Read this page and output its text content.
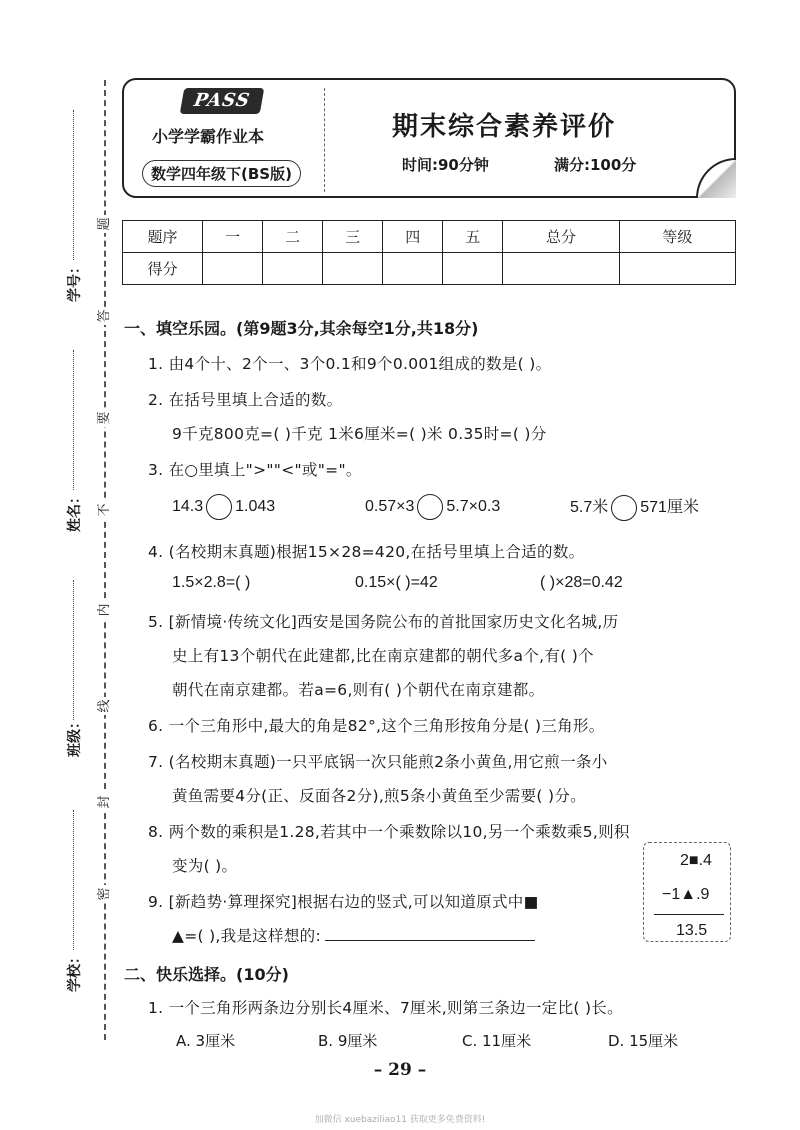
题
答
要
不
内
线
封
密
学号：
姓名：
班级：
学校：
PASS
小学学霸作业本
数学四年级下(BS版)
期末综合素养评价
时间:90分钟	满分:100分
题序	一	二	三	四	五	总分	等级
得分							
一、填空乐园。(第9题3分,其余每空1分,共18分)
1. 由4个十、2个一、3个0.1和9个0.001组成的数是( )。
2. 在括号里填上合适的数。
9千克800克=( )千克 1米6厘米=( )米 0.35时=( )分
3. 在○里填上">""<"或"="。
14.3 1.043	0.57×3 5.7×0.3	5.7米 571厘米
4. (名校期末真题)根据15×28=420,在括号里填上合适的数。
1.5×2.8=( )	0.15×( )=42	( )×28=0.42
5. [新情境·传统文化]西安是国务院公布的首批国家历史文化名城,历
史上有13个朝代在此建都,比在南京建都的朝代多a个,有( )个
朝代在南京建都。若a=6,则有( )个朝代在南京建都。
6. 一个三角形中,最大的角是82°,这个三角形按角分是( )三角形。
7. (名校期末真题)一只平底锅一次只能煎2条小黄鱼,用它煎一条小
黄鱼需要4分(正、反面各2分),煎5条小黄鱼至少需要( )分。
8. 两个数的乘积是1.28,若其中一个乘数除以10,另一个乘数乘5,则积
变为( )。
9. [新趋势·算理探究]根据右边的竖式,可以知道原式中■
▲=( ),我是这样想的:
2■.4
−1▲.9
13.5
二、快乐选择。(10分)
1. 一个三角形两条边分别长4厘米、7厘米,则第三条边一定比( )长。
A. 3厘米	B. 9厘米	C. 11厘米	D. 15厘米
– 29 –
加微信 xuebaziliao11 获取更多免费资料!
